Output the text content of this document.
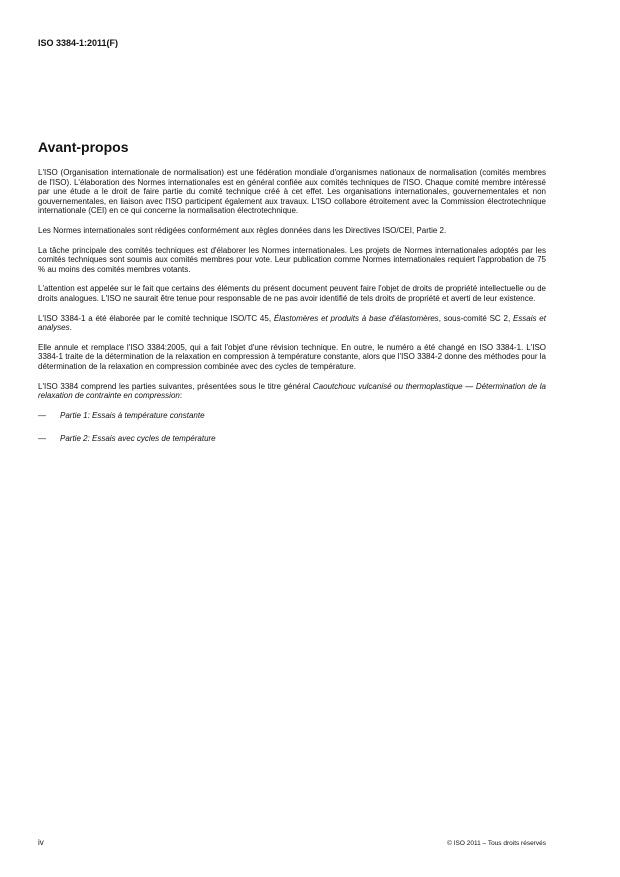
ISO 3384-1:2011(F)
Avant-propos

L'ISO (Organisation internationale de normalisation) est une fédération mondiale d'organismes nationaux de normalisation (comités membres de l'ISO). L'élaboration des Normes internationales est en général confiée aux comités techniques de l'ISO. Chaque comité membre intéressé par une étude a le droit de faire partie du comité technique créé à cet effet. Les organisations internationales, gouvernementales et non gouvernementales, en liaison avec l'ISO participent également aux travaux. L'ISO collabore étroitement avec la Commission électrotechnique internationale (CEI) en ce qui concerne la normalisation électrotechnique.

Les Normes internationales sont rédigées conformément aux règles données dans les Directives ISO/CEI, Partie 2.

La tâche principale des comités techniques est d'élaborer les Normes internationales. Les projets de Normes internationales adoptés par les comités techniques sont soumis aux comités membres pour vote. Leur publication comme Normes internationales requiert l'approbation de 75 % au moins des comités membres votants.

L'attention est appelée sur le fait que certains des éléments du présent document peuvent faire l'objet de droits de propriété intellectuelle ou de droits analogues. L'ISO ne saurait être tenue pour responsable de ne pas avoir identifié de tels droits de propriété et averti de leur existence.

L'ISO 3384-1 a été élaborée par le comité technique ISO/TC 45, Élastomères et produits à base d'élastomères, sous-comité SC 2, Essais et analyses.

Elle annule et remplace l'ISO 3384:2005, qui a fait l'objet d'une révision technique. En outre, le numéro a été changé en ISO 3384-1. L'ISO 3384-1 traite de la détermination de la relaxation en compression à température constante, alors que l'ISO 3384-2 donne des méthodes pour la détermination de la relaxation en compression combinée avec des cycles de température.

L'ISO 3384 comprend les parties suivantes, présentées sous le titre général Caoutchouc vulcanisé ou thermoplastique — Détermination de la relaxation de contrainte en compression:

—	Partie 1: Essais à température constante
—	Partie 2: Essais avec cycles de température
iv	© ISO 2011 – Tous droits réservés
